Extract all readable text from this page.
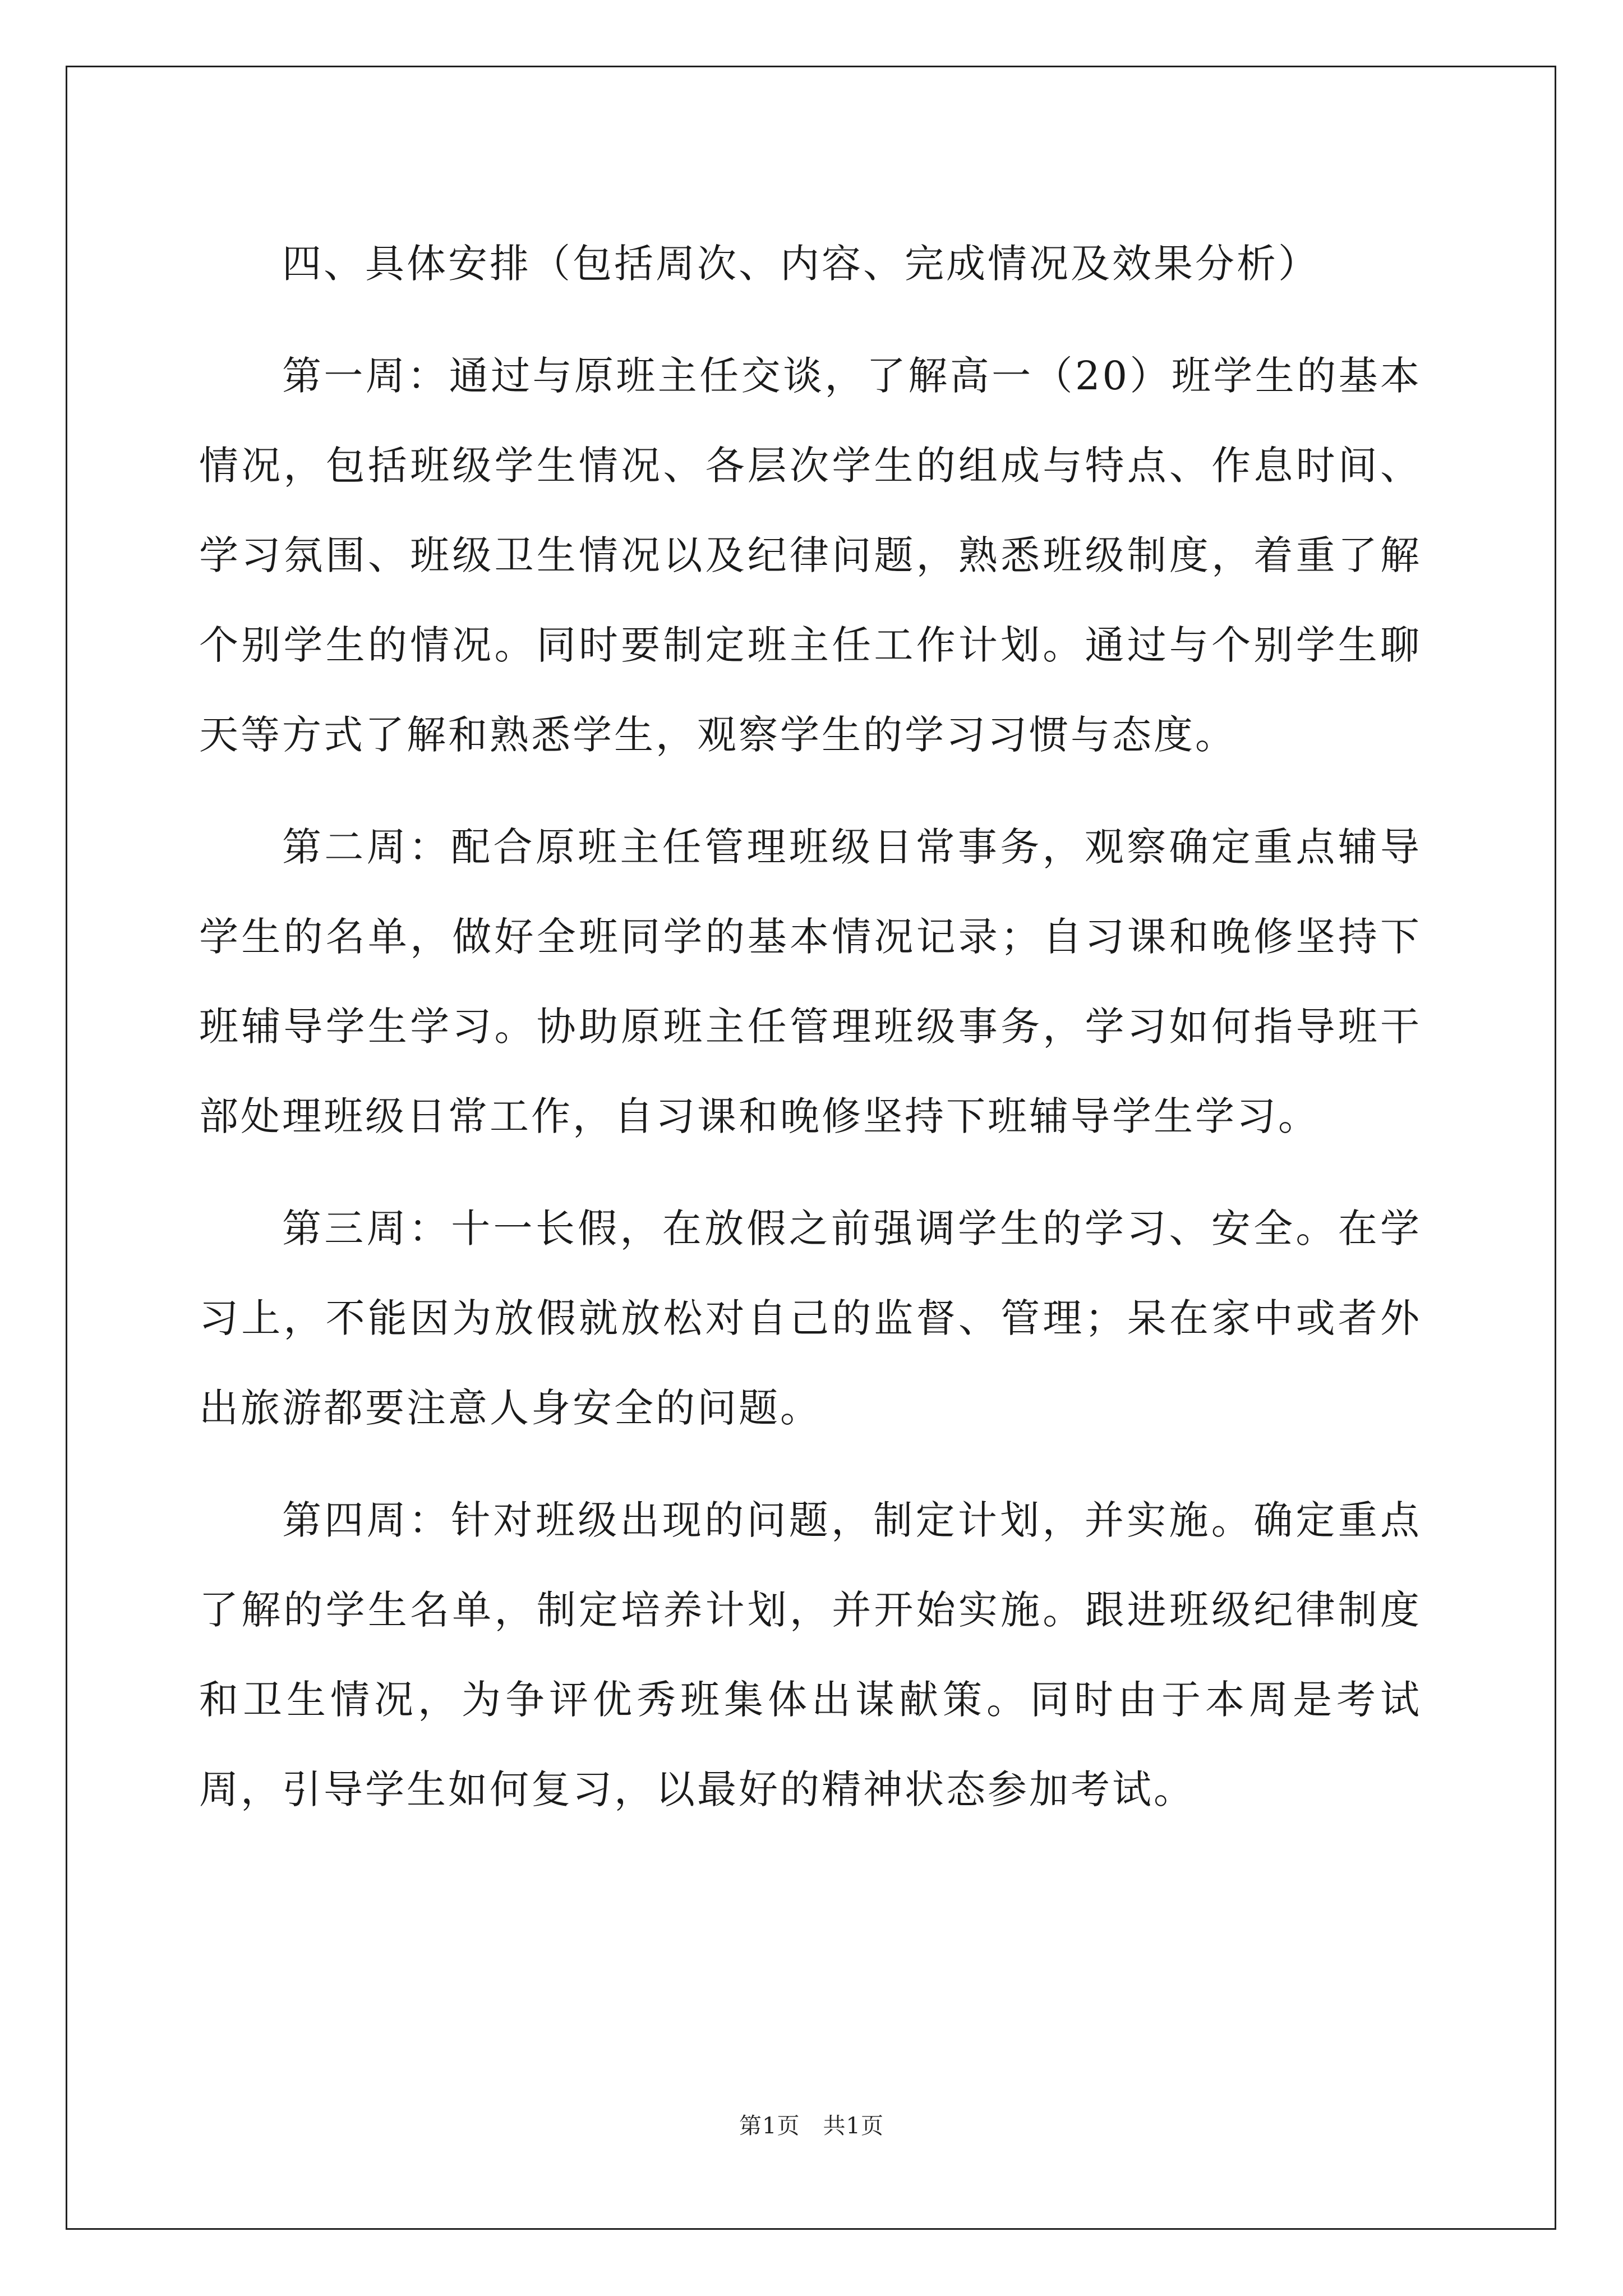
四、具体安排（包括周次、内容、完成情况及效果分析）

第一周：通过与原班主任交谈，了解高一（20）班学生的基本情况，包括班级学生情况、各层次学生的组成与特点、作息时间、学习氛围、班级卫生情况以及纪律问题，熟悉班级制度，着重了解个别学生的情况。同时要制定班主任工作计划。通过与个别学生聊天等方式了解和熟悉学生，观察学生的学习习惯与态度。

第二周：配合原班主任管理班级日常事务，观察确定重点辅导学生的名单，做好全班同学的基本情况记录；自习课和晚修坚持下班辅导学生学习。协助原班主任管理班级事务，学习如何指导班干部处理班级日常工作，自习课和晚修坚持下班辅导学生学习。

第三周：十一长假，在放假之前强调学生的学习、安全。在学习上，不能因为放假就放松对自己的监督、管理；呆在家中或者外出旅游都要注意人身安全的问题。

第四周：针对班级出现的问题，制定计划，并实施。确定重点了解的学生名单，制定培养计划，并开始实施。跟进班级纪律制度和卫生情况，为争评优秀班集体出谋献策。同时由于本周是考试周，引导学生如何复习，以最好的精神状态参加考试。

第1页　共1页
